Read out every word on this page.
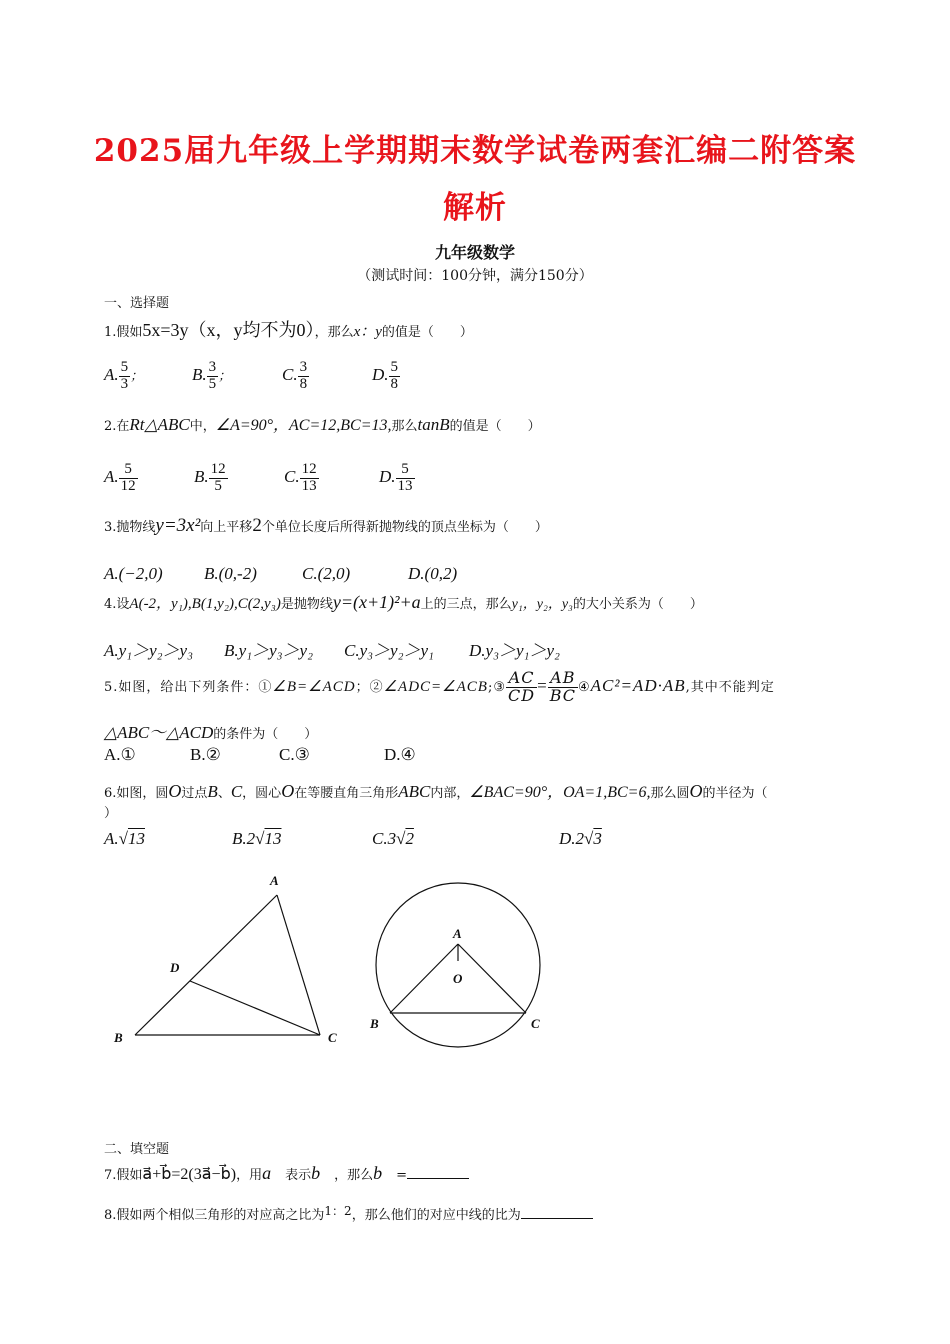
2025届九年级上学期期末数学试卷两套汇编二附答案
解析
九年级数学
（测试时间：100分钟，满分150分）
一、选择题
1.假如5x=3y（x，y均不为0），那么x：y的值是（　　）
A. $\frac{5}{3}$ ；	B. $\frac{3}{5}$ ；	C. $\frac{3}{8}$	D. $\frac{5}{8}$
2.在Rt△ABC中，∠A=90°，AC=12,BC=13,那么tanB的值是（　　）
A. $\frac{5}{12}$	B. $\frac{12}{5}$	C. $\frac{12}{13}$	D. $\frac{5}{13}$
3.抛物线y=3x²向上平移2个单位长度后所得新抛物线的顶点坐标为（　　）
A.(−2,0) B.(0,-2)	C.(2,0)	D.(0,2)
4.设A(-2，y₁),B(1,y₂),C(2,y₃)是抛物线y=(x+1)²+a上的三点，那么y₁，y₂，y₃的大小关系为（　　）
A.y₁＞y₂＞y₃ B.y₁＞y₃＞y₂ C.y₃＞y₂＞y₁ D.y₃＞y₁＞y₂
5.如图，给出下列条件：①∠B=∠ACD；②∠ADC=∠ACB;③ $\frac{AC}{CD} = \frac{AB}{BC}$ ④AC²=AD·AB,其中不能判定
△ABC～△ACD的条件为（　　）
A.①	B.②	C.③	D.④
6.如图，圆O过点B、C，圆心O在等腰直角三角形ABC内部，∠BAC=90°，OA=1,BC=6,那么圆O的半径为（
）
A.√13	B.2√13	C.3√2	D.2√3
A
D
B	C
A
O
B	C
二、填空题
7.假如a⃗+b⃗=2(3a⃗−b⃗)，用a⃗表示b⃗，那么b⃗=
8.假如两个相似三角形的对应高之比为1：2，那么他们的对应中线的比为
